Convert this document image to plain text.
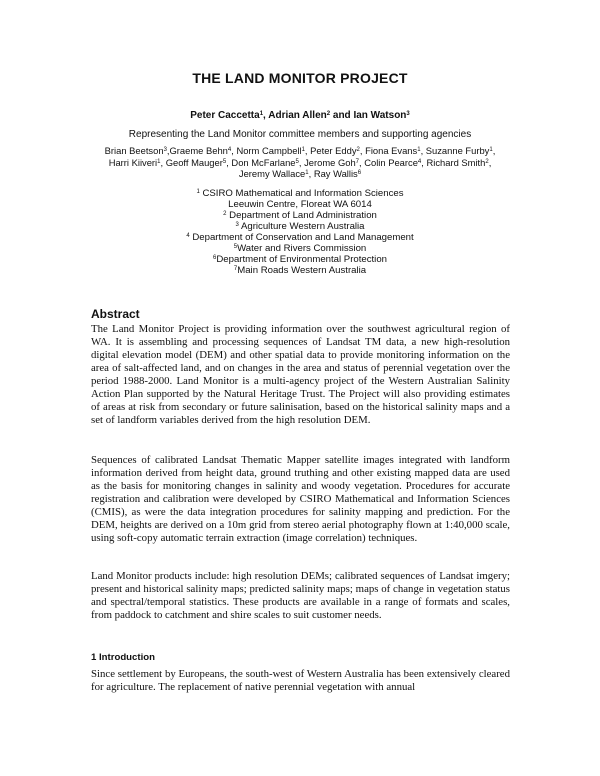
THE LAND MONITOR PROJECT
Peter Caccetta$^1$, Adrian Allen$^2$ and Ian Watson$^3$
Representing the Land Monitor committee members and supporting agencies
Brian Beetson$^3$,Graeme Behn$^4$, Norm Campbell$^1$, Peter Eddy$^2$, Fiona Evans$^1$, Suzanne Furby$^1$,
Harri Kiiveri$^1$, Geoff Mauger$^5$, Don McFarlane$^5$, Jerome Goh$^7$, Colin Pearce$^4$, Richard Smith$^2$,
Jeremy Wallace$^1$, Ray Wallis$^6$
$^1$ CSIRO Mathematical and Information Sciences
Leeuwin Centre, Floreat WA 6014
$^2$ Department of Land Administration
$^3$ Agriculture Western Australia
$^4$ Department of Conservation and Land Management
$^5$Water and Rivers Commission
$^6$Department of Environmental Protection
$^7$Main Roads Western Australia
Abstract

The Land Monitor Project is providing information over the southwest agricultural region of WA. It is assembling and processing sequences of Landsat TM data, a new high-resolution digital elevation model (DEM) and other spatial data to provide monitoring information on the area of salt-affected land, and on changes in the area and status of perennial vegetation over the period 1988-2000. Land Monitor is a multi-agency project of the Western Australian Salinity Action Plan supported by the Natural Heritage Trust. The Project will also providing estimates of areas at risk from secondary or future salinisation, based on the historical salinity maps and a set of landform variables derived from the high resolution DEM.

Sequences of calibrated Landsat Thematic Mapper satellite images integrated with landform information derived from height data, ground truthing and other existing mapped data are used as the basis for monitoring changes in salinity and woody vegetation. Procedures for accurate registration and calibration were developed by CSIRO Mathematical and Information Sciences (CMIS), as were the data integration procedures for salinity mapping and prediction. For the DEM, heights are derived on a 10m grid from stereo aerial photography flown at 1:40,000 scale, using soft-copy automatic terrain extraction (image correlation) techniques.

Land Monitor products include: high resolution DEMs; calibrated sequences of Landsat imgery; present and historical salinity maps; predicted salinity maps; maps of change in vegetation status and spectral/temporal statistics. These products are available in a range of formats and scales, from paddock to catchment and shire scales to suit customer needs.

1 Introduction

Since settlement by Europeans, the south-west of Western Australia has been extensively cleared for agriculture. The replacement of native perennial vegetation with annual
